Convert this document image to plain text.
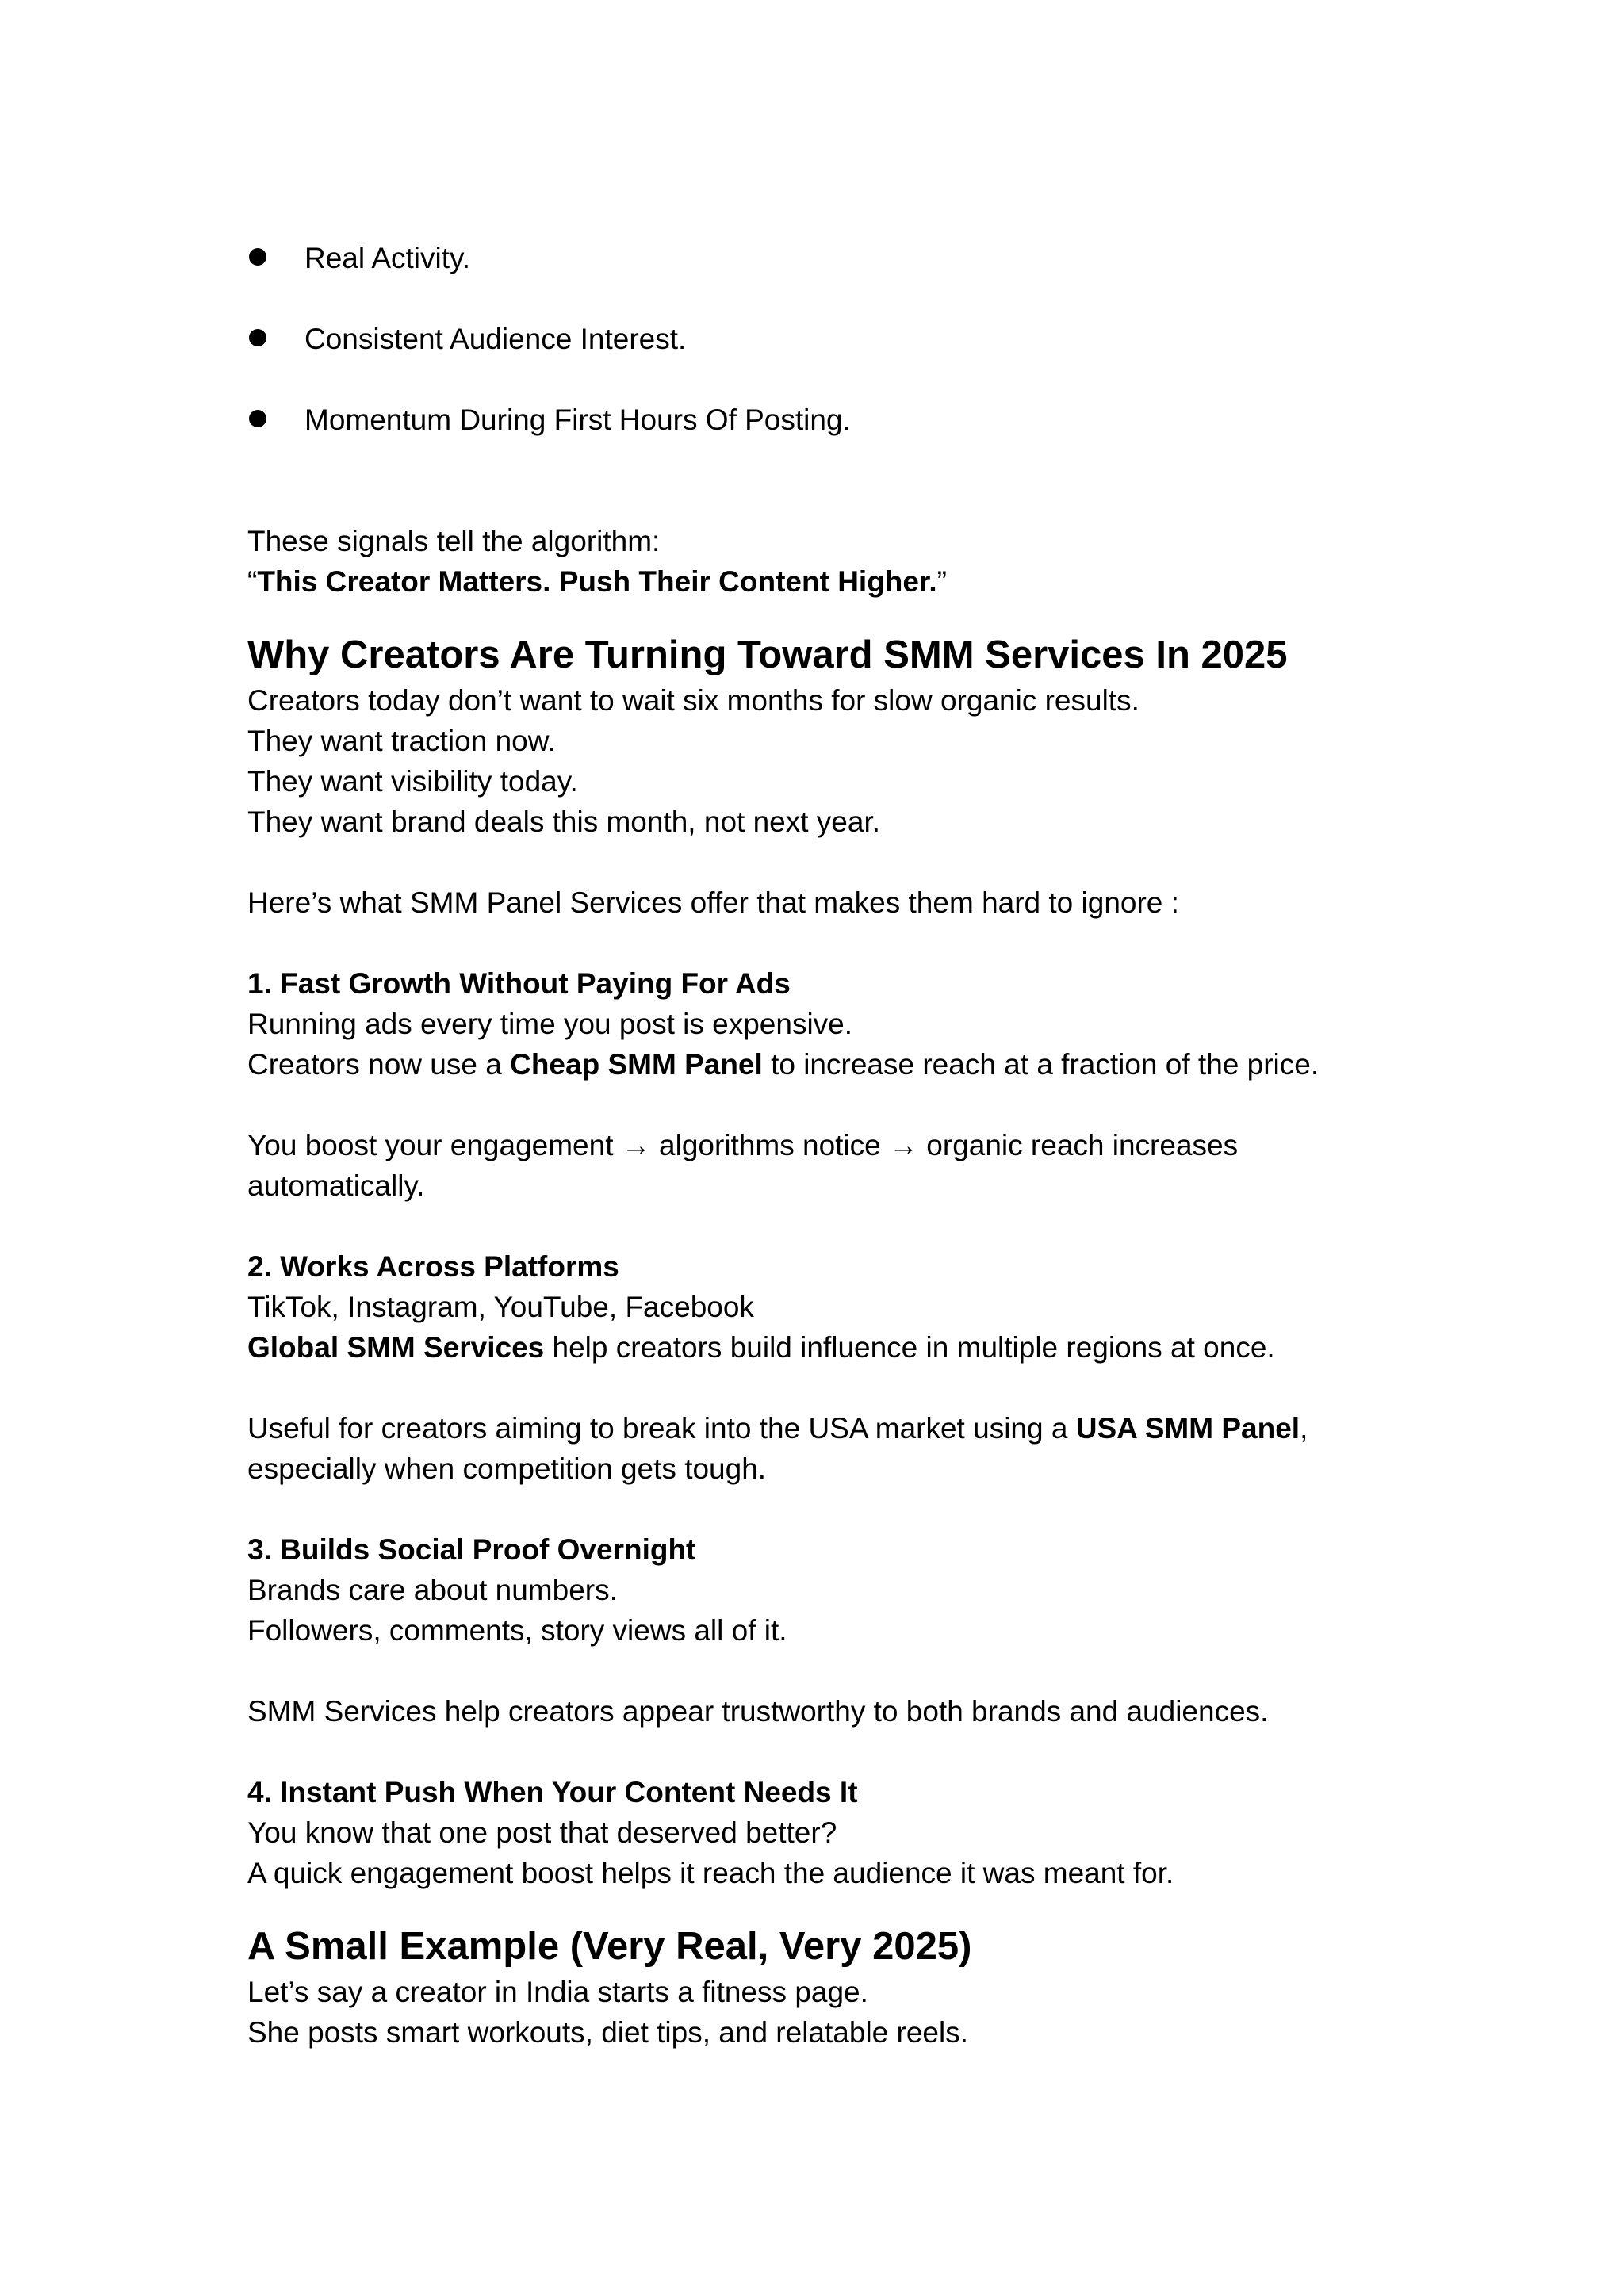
Real Activity.
Consistent Audience Interest.
Momentum During First Hours Of Posting.
These signals tell the algorithm:
“This Creator Matters. Push Their Content Higher.”
Why Creators Are Turning Toward SMM Services In 2025
Creators today don’t want to wait six months for slow organic results.
They want traction now.
They want visibility today.
They want brand deals this month, not next year.
Here’s what SMM Panel Services offer that makes them hard to ignore :
1. Fast Growth Without Paying For Ads
Running ads every time you post is expensive.
Creators now use a Cheap SMM Panel to increase reach at a fraction of the price.
You boost your engagement → algorithms notice → organic reach increases
automatically.
2. Works Across Platforms
TikTok, Instagram, YouTube, Facebook
Global SMM Services help creators build influence in multiple regions at once.
Useful for creators aiming to break into the USA market using a USA SMM Panel,
especially when competition gets tough.
3. Builds Social Proof Overnight
Brands care about numbers.
Followers, comments, story views all of it.
SMM Services help creators appear trustworthy to both brands and audiences.
4. Instant Push When Your Content Needs It
You know that one post that deserved better?
A quick engagement boost helps it reach the audience it was meant for.
A Small Example (Very Real, Very 2025)
Let’s say a creator in India starts a fitness page.
She posts smart workouts, diet tips, and relatable reels.
